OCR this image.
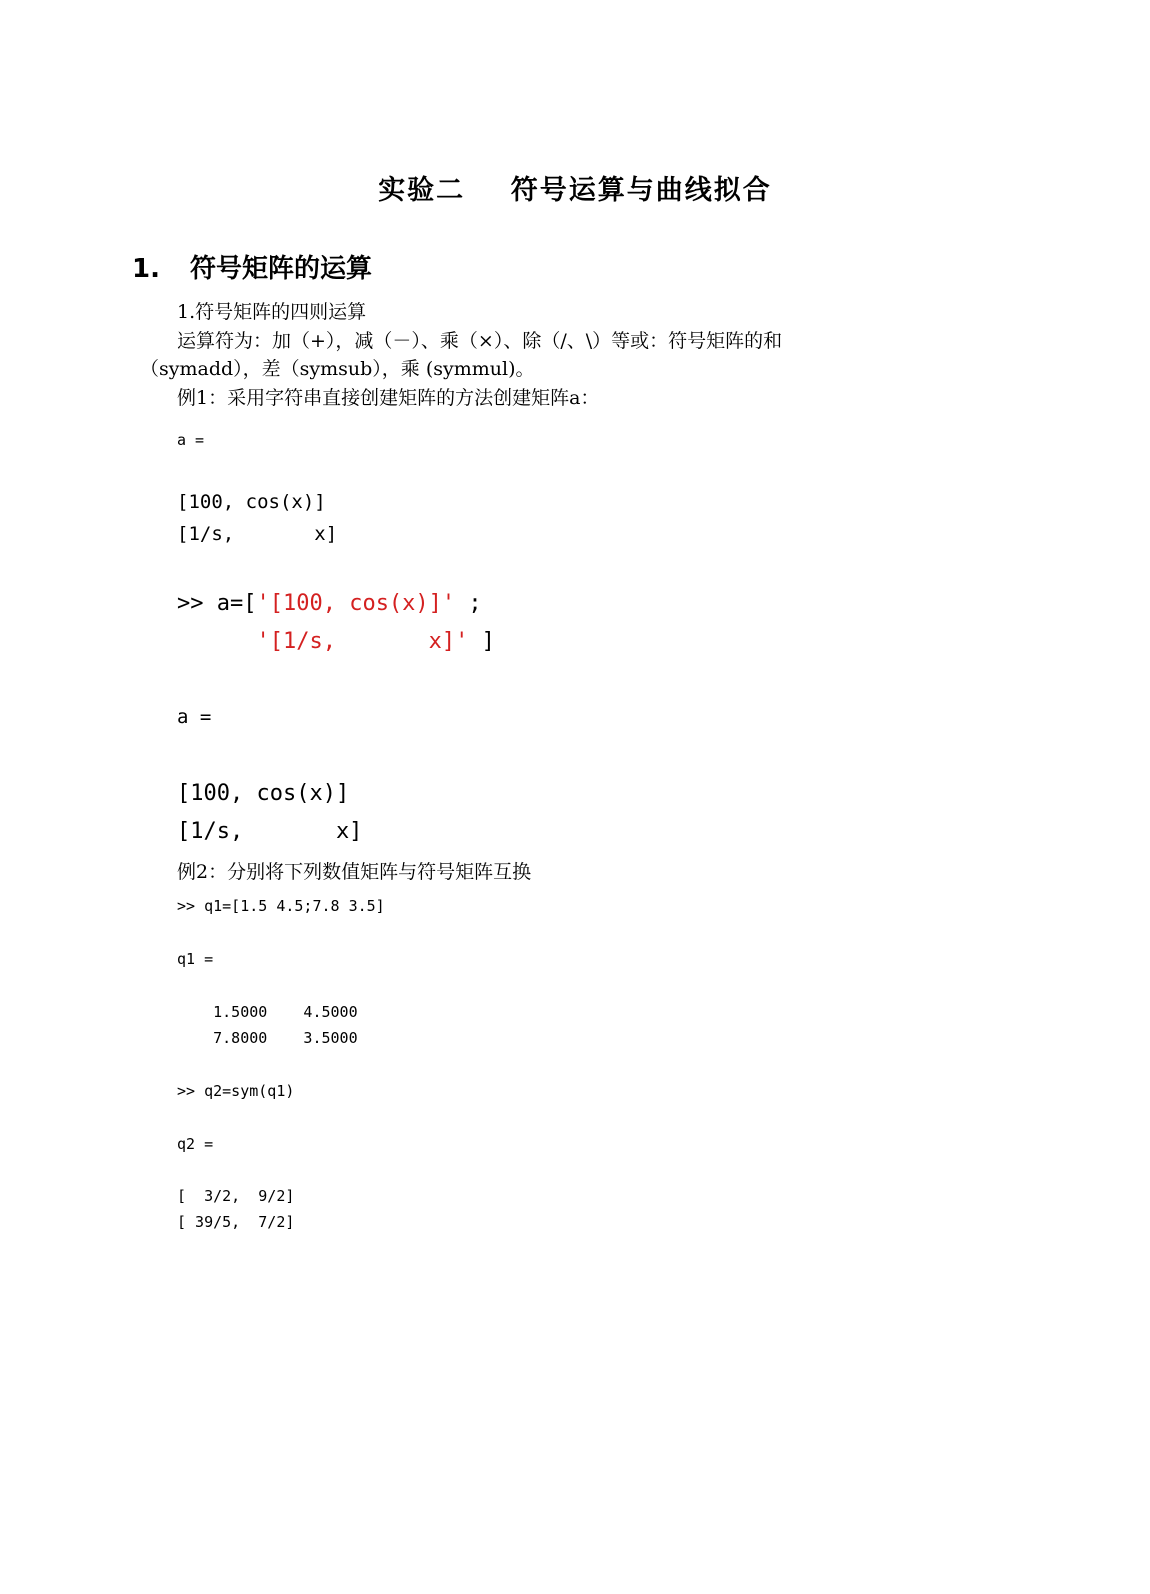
实验二    符号运算与曲线拟合
1. 符号矩阵的运算

1.符号矩阵的四则运算

运算符为：加（+），减（－）、乘（×）、除（/、\）等或：符号矩阵的和

（symadd），差（symsub），乘 (symmul)。

例1：采用字符串直接创建矩阵的方法创建矩阵a：

a =
[100, cos(x)]
[1/s,       x]
>> a=['[100, cos(x)]' ;
'[1/s,       x]' ]
a =
[100, cos(x)]
[1/s,       x]

例2：分别将下列数值矩阵与符号矩阵互换

>> q1=[1.5 4.5;7.8 3.5]
q1 =
1.5000    4.5000
7.8000    3.5000
>> q2=sym(q1)
q2 =
[  3/2,  9/2]
[ 39/5,  7/2]
